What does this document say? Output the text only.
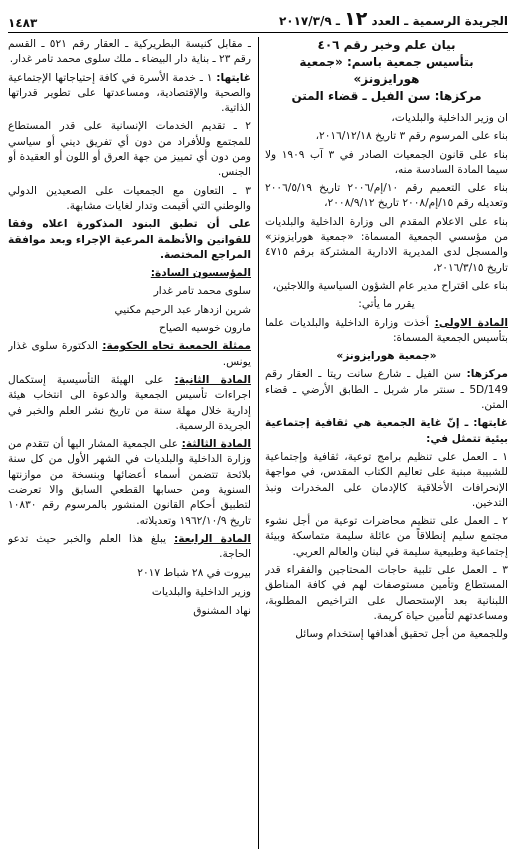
الجريدة الرسمية ـ العدد ١٢ ـ ٢٠١٧/٣/٩
١٤٨٣

بيان علم وخبر رقم ٤٠٦

بتأسيس جمعية باسم: «جمعية هورايزونز»

مركزها: سن الفيل ـ قضاء المتن

ان وزير الداخلية والبلديات،

بناء على المرسوم رقم ٣ تاريخ ٢٠١٦/١٢/١٨،

بناء على قانون الجمعيات الصادر في ٣ آب ١٩٠٩ ولا سيما المادة السادسة منه،

بناء على التعميم رقم ١٠/إم/٢٠٠٦ تاريخ ٢٠٠٦/٥/١٩ وتعديله رقم ١٥/إم/٢٠٠٨ تاريخ ٢٠٠٨/٩/١٢،

بناء على الاعلام المقدم الى وزارة الداخلية والبلديات من مؤسسي الجمعية المسماة: «جمعية هورايزونز» والمسجل لدى المديرية الادارية المشتركة برقم ٤٧١٥ تاريخ ٢٠١٦/٣/١٥،

بناء على اقتراح مدير عام الشؤون السياسية واللاجئين،

يقرر ما يأتي:

المادة الاولى: أخذت وزارة الداخلية والبلديات علما بتأسيس الجمعية المسماة:

«جمعية هورايزونز»

مركزها: سن الفيل ـ شارع سانت ريتا ـ العقار رقم 5D/149 ـ سنتر مار شربل ـ الطابق الأرضي ـ قضاء المتن.

غايتها: ـ إنّ غاية الجمعية هي ثقافية إجتماعية بيئية تتمثل في:

١ ـ العمل على تنظيم برامج توعية، ثقافية وإجتماعية للشبيبة مبنية على تعاليم الكتاب المقدس، في مواجهة الإنحرافات الأخلاقية كالإدمان على المخدرات ونبذ التدخين.

٢ ـ العمل على تنظيم محاضرات توعية من أجل نشوء مجتمع سليم إنطلاقاً من عائلة سليمة متماسكة وبيئة إجتماعية وطبيعية سليمة في لبنان والعالم العربي.

٣ ـ العمل على تلبية حاجات المحتاجين والفقراء قدر المستطاع وتأمين مستوصفات لهم في كافة المناطق اللبنانية بعد الإستحصال على التراخيص المطلوبة، ومساعدتهم لتأمين حياة كريمة.

وللجمعية من أجل تحقيق أهدافها إستخدام وسائل

ـ مقابل كنيسة البطريركية ـ العقار رقم ٥٢١ ـ القسم رقم ٢٣ ـ بناية دار البيضاء ـ ملك سلوى محمد تامر غدار.

غايتها: ١ ـ خدمة الأسرة في كافة إحتياجاتها الإجتماعية والصحية والإقتصادية، ومساعدتها على تطوير قدراتها الذاتية.

٢ ـ تقديم الخدمات الإنسانية على قدر المستطاع للمجتمع وللأفراد من دون أي تفريق ديني أو سياسي ومن دون أي تمييز من جهة العرق أو اللون أو العقيدة أو الجنس.

٣ ـ التعاون مع الجمعيات على الصعيدين الدولي والوطني التي أقيمت وتدار لغايات مشابهة.

على أن تطبق البنود المذكورة اعلاه وفقا للقوانين والأنظمة المرعية الإجراء وبعد موافقة المراجع المختصة.

المؤسسون السادة:

سلوى محمد تامر غدار

شرين ازدهار عبد الرحيم مكنيي

مارون خوسيه الصياح

ممثلة الجمعية تجاه الحكومة: الدكتورة سلوى غذار يونس.

المادة الثانية: على الهيئة التأسيسية إستكمال اجراءات تأسيس الجمعية والدعوة الى انتخاب هيئة إدارية خلال مهلة سنة من تاريخ نشر العلم والخبر في الجريدة الرسمية.

المادة الثالثة: على الجمعية المشار اليها أن تتقدم من وزارة الداخلية والبلديات في الشهر الأول من كل سنة بلائحة تتضمن أسماء أعضائها وبنسخة من موازنتها السنوية ومن حسابها القطعي السابق والا تعرضت لتطبيق أحكام القانون المنشور بالمرسوم رقم ١٠٨٣٠ تاريخ ١٩٦٢/١٠/٩ وتعديلاته.

المادة الرابعة: يبلغ هذا العلم والخبر حيث تدعو الحاجة.

بيروت في ٢٨ شباط ٢٠١٧

وزير الداخلية والبلديات

نهاد المشنوق
